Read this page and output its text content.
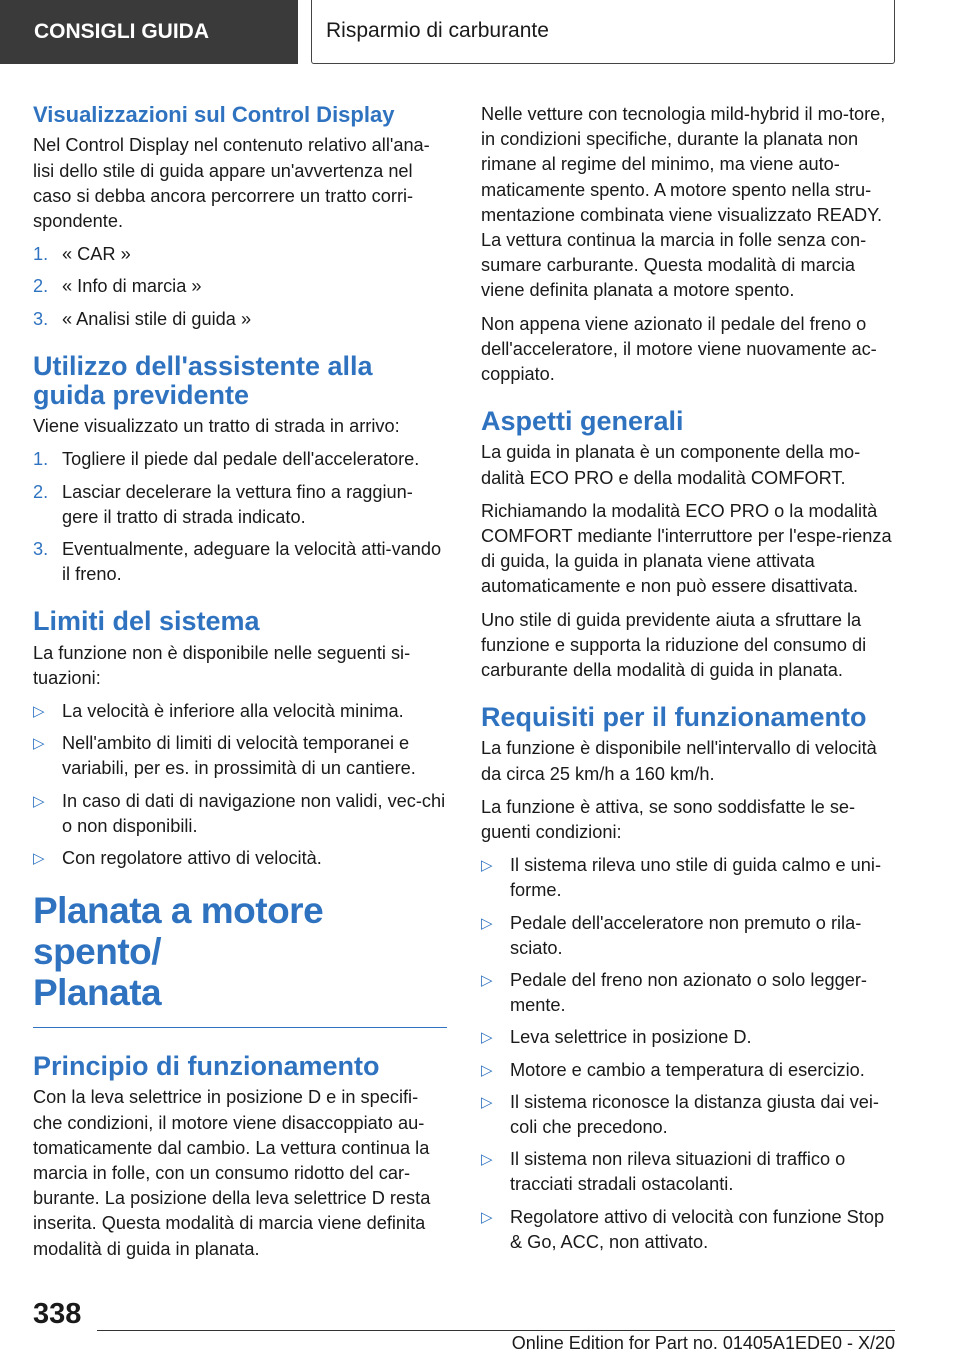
CONSIGLI GUIDA	Risparmio di carburante
Visualizzazioni sul Control Display

Nel Control Display nel contenuto relativo all'ana-lisi dello stile di guida appare un'avvertenza nel caso si debba ancora percorrere un tratto corri-spondente.

1. « CAR »
2. « Info di marcia »
3. « Analisi stile di guida »
Utilizzo dell'assistente alla guida previdente

Viene visualizzato un tratto di strada in arrivo:

1. Togliere il piede dal pedale dell'acceleratore.
2. Lasciar decelerare la vettura fino a raggiun-gere il tratto di strada indicato.
3. Eventualmente, adeguare la velocità atti-vando il freno.
Limiti del sistema

La funzione non è disponibile nelle seguenti si-tuazioni:

▷ La velocità è inferiore alla velocità minima.
▷ Nell'ambito di limiti di velocità temporanei e variabili, per es. in prossimità di un cantiere.
▷ In caso di dati di navigazione non validi, vec-chi o non disponibili.
▷ Con regolatore attivo di velocità.
Planata a motore spento/
Planata
Principio di funzionamento

Con la leva selettrice in posizione D e in specifi-che condizioni, il motore viene disaccoppiato au-tomaticamente dal cambio. La vettura continua la marcia in folle, con un consumo ridotto del car-burante. La posizione della leva selettrice D resta inserita. Questa modalità di marcia viene definita modalità di guida in planata.

Nelle vetture con tecnologia mild-hybrid il mo-tore, in condizioni specifiche, durante la planata non rimane al regime del minimo, ma viene auto-maticamente spento. A motore spento nella stru-mentazione combinata viene visualizzato READY. La vettura continua la marcia in folle senza con-sumare carburante. Questa modalità di marcia viene definita planata a motore spento.

Non appena viene azionato il pedale del freno o dell'acceleratore, il motore viene nuovamente ac-coppiato.

Aspetti generali

La guida in planata è un componente della mo-dalità ECO PRO e della modalità COMFORT.

Richiamando la modalità ECO PRO o la modalità COMFORT mediante l'interruttore per l'espe-rienza di guida, la guida in planata viene attivata automaticamente e non può essere disattivata.

Uno stile di guida previdente aiuta a sfruttare la funzione e supporta la riduzione del consumo di carburante della modalità di guida in planata.

Requisiti per il funzionamento

La funzione è disponibile nell'intervallo di velocità da circa 25 km/h a 160 km/h.

La funzione è attiva, se sono soddisfatte le se-guenti condizioni:

▷ Il sistema rileva uno stile di guida calmo e uni-forme.
▷ Pedale dell'acceleratore non premuto o rila-sciato.
▷ Pedale del freno non azionato o solo legger-mente.
▷ Leva selettrice in posizione D.
▷ Motore e cambio a temperatura di esercizio.
▷ Il sistema riconosce la distanza giusta dai vei-coli che precedono.
▷ Il sistema non rileva situazioni di traffico o tracciati stradali ostacolanti.
▷ Regolatore attivo di velocità con funzione Stop & Go, ACC, non attivato.
338
Online Edition for Part no. 01405A1EDE0 - X/20
